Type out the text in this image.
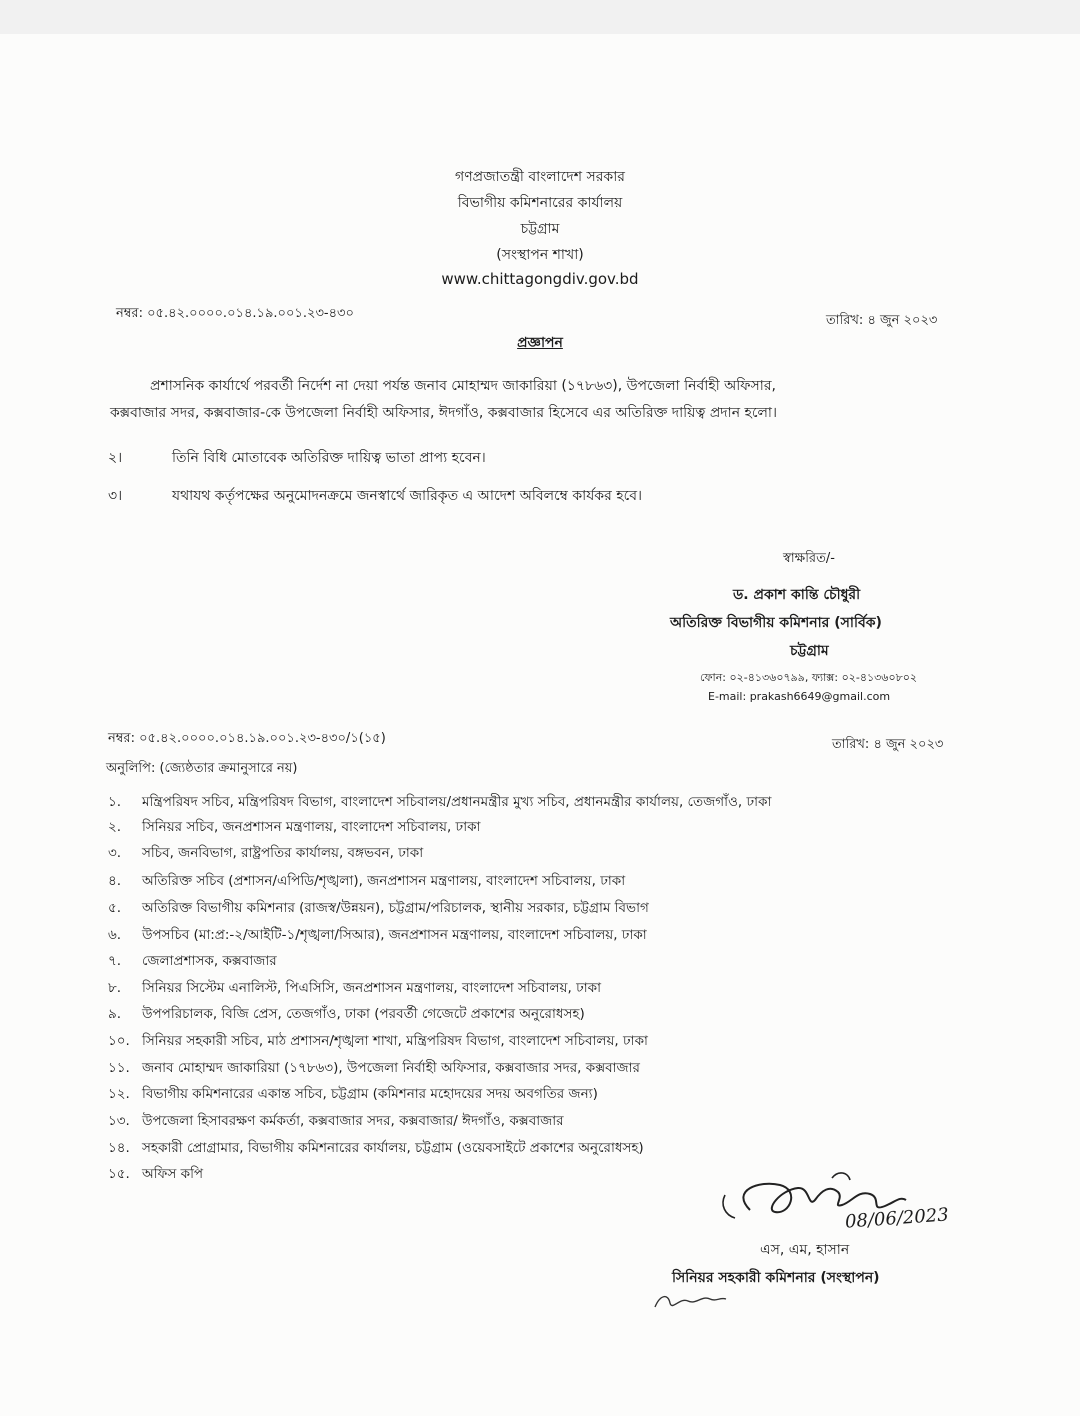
গণপ্রজাতন্ত্রী বাংলাদেশ সরকার
বিভাগীয় কমিশনারের কার্যালয়
চট্টগ্রাম
(সংস্থাপন শাখা)
www.chittagongdiv.gov.bd
নম্বর: ০৫.৪২.০০০০.০১৪.১৯.০০১.২৩-৪৩০	তারিখ: ৪ জুন ২০২৩
প্রজ্ঞাপন
প্রশাসনিক কার্যার্থে পরবর্তী নির্দেশ না দেয়া পর্যন্ত জনাব মোহাম্মদ জাকারিয়া (১৭৮৬৩), উপজেলা নির্বাহী অফিসার,
কক্সবাজার সদর, কক্সবাজার-কে উপজেলা নির্বাহী অফিসার, ঈদগাঁও, কক্সবাজার হিসেবে এর অতিরিক্ত দায়িত্ব প্রদান হলো।
২।	তিনি বিধি মোতাবেক অতিরিক্ত দায়িত্ব ভাতা প্রাপ্য হবেন।
৩।	যথাযথ কর্তৃপক্ষের অনুমোদনক্রমে জনস্বার্থে জারিকৃত এ আদেশ অবিলম্বে কার্যকর হবে।
স্বাক্ষরিত/-
ড. প্রকাশ কান্তি চৌধুরী
অতিরিক্ত বিভাগীয় কমিশনার (সার্বিক)
চট্টগ্রাম
ফোন: ০২-৪১৩৬০৭৯৯, ফ্যাক্স: ০২-৪১৩৬০৮০২
E-mail: prakash6649@gmail.com
নম্বর: ০৫.৪২.০০০০.০১৪.১৯.০০১.২৩-৪৩০/১(১৫)	তারিখ: ৪ জুন ২০২৩
অনুলিপি: (জ্যেষ্ঠতার ক্রমানুসারে নয়)
১. মন্ত্রিপরিষদ সচিব, মন্ত্রিপরিষদ বিভাগ, বাংলাদেশ সচিবালয়/প্রধানমন্ত্রীর মুখ্য সচিব, প্রধানমন্ত্রীর কার্যালয়, তেজগাঁও, ঢাকা
২. সিনিয়র সচিব, জনপ্রশাসন মন্ত্রণালয়, বাংলাদেশ সচিবালয়, ঢাকা
৩. সচিব, জনবিভাগ, রাষ্ট্রপতির কার্যালয়, বঙ্গভবন, ঢাকা
৪. অতিরিক্ত সচিব (প্রশাসন/এপিডি/শৃঙ্খলা), জনপ্রশাসন মন্ত্রণালয়, বাংলাদেশ সচিবালয়, ঢাকা
৫. অতিরিক্ত বিভাগীয় কমিশনার (রাজস্ব/উন্নয়ন), চট্টগ্রাম/পরিচালক, স্থানীয় সরকার, চট্টগ্রাম বিভাগ
৬. উপসচিব (মা:প্র:-২/আইটি-১/শৃঙ্খলা/সিআর), জনপ্রশাসন মন্ত্রণালয়, বাংলাদেশ সচিবালয়, ঢাকা
৭. জেলাপ্রশাসক, কক্সবাজার
৮. সিনিয়র সিস্টেম এনালিস্ট, পিএসিসি, জনপ্রশাসন মন্ত্রণালয়, বাংলাদেশ সচিবালয়, ঢাকা
৯. উপপরিচালক, বিজি প্রেস, তেজগাঁও, ঢাকা (পরবর্তী গেজেটে প্রকাশের অনুরোধসহ)
১০. সিনিয়র সহকারী সচিব, মাঠ প্রশাসন/শৃঙ্খলা শাখা, মন্ত্রিপরিষদ বিভাগ, বাংলাদেশ সচিবালয়, ঢাকা
১১. জনাব মোহাম্মদ জাকারিয়া (১৭৮৬৩), উপজেলা নির্বাহী অফিসার, কক্সবাজার সদর, কক্সবাজার
১২. বিভাগীয় কমিশনারের একান্ত সচিব, চট্টগ্রাম (কমিশনার মহোদয়ের সদয় অবগতির জন্য)
১৩. উপজেলা হিসাবরক্ষণ কর্মকর্তা, কক্সবাজার সদর, কক্সবাজার/ ঈদগাঁও, কক্সবাজার
১৪. সহকারী প্রোগ্রামার, বিভাগীয় কমিশনারের কার্যালয়, চট্টগ্রাম (ওয়েবসাইটে প্রকাশের অনুরোধসহ)
১৫. অফিস কপি
08/06/2023
এস, এম, হাসান
সিনিয়র সহকারী কমিশনার (সংস্থাপন)
